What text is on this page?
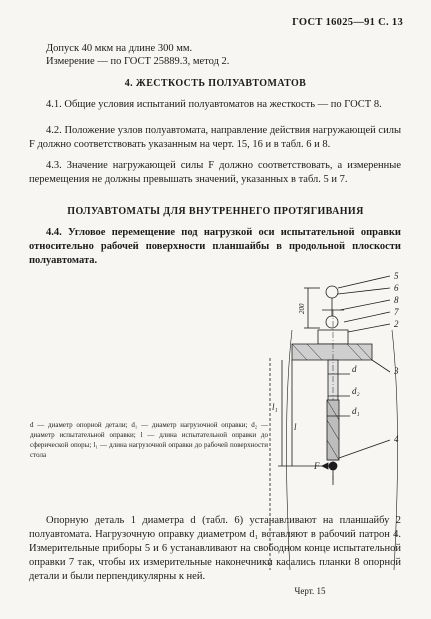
ГОСТ 16025—91 С. 13
Допуск 40 мкм на длине 300 мм.
Измерение — по ГОСТ 25889.3, метод 2.
4. ЖЕСТКОСТЬ ПОЛУАВТОМАТОВ
4.1. Общие условия испытаний полуавтоматов на жесткость — по ГОСТ 8.
4.2. Положение узлов полуавтомата, направление действия нагружающей силы F должно соответствовать указанным на черт. 15, 16 и в табл. 6 и 8.
4.3. Значение нагружающей силы F должно соответствовать, а измеренные перемещения не должны превышать значений, указанных в табл. 5 и 7.
ПОЛУАВТОМАТЫ ДЛЯ ВНУТРЕННЕГО ПРОТЯГИВАНИЯ
4.4. Угловое перемещение под нагрузкой оси испытательной оправки относительно рабочей поверхности планшайбы в продольной плоскости полуавтомата.
5
6
8
7
2
3
d
d₂
d₁
l₁
l
4
F
200
d — диаметр опорной детали; d₁ — диаметр нагрузочной оправки; d₂ — диаметр испытательной оправки; l — длина испытательной оправки до сферической опоры; l₁ — длина нагрузочной оправки до рабочей поверхности стола
Черт. 15
Опорную деталь 1 диаметра d (табл. 6) устанавливают на планшайбу 2 полуавтомата. Нагрузочную оправку диаметром d₁ вставляют в рабочий патрон 4. Измерительные приборы 5 и 6 устанавливают на свободном конце испытательной оправки 7 так, чтобы их измерительные наконечники касались планки 8 опорной детали и были перпендикулярны к ней.
